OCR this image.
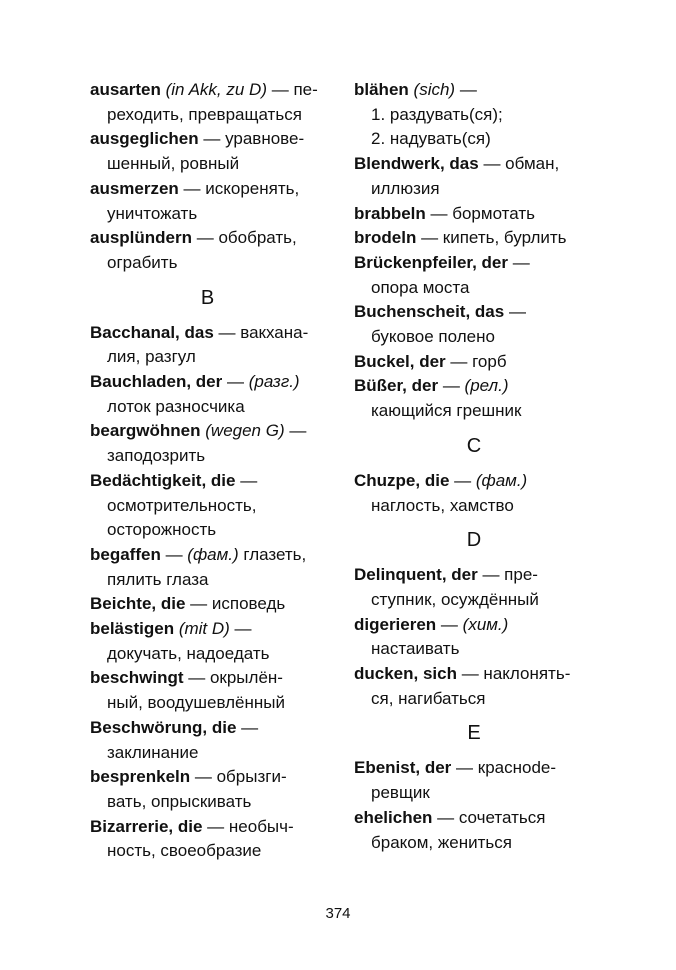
ausarten (in Akk, zu D) — пе-
реходить, превращаться
ausgeglichen — уравнове-
шенный, ровный
ausmerzen — искоренять,
уничтожать
ausplündern — обобрать,
ограбить
B
Bacchanal, das — вакхана-
лия, разгул
Bauchladen, der — (разг.)
лоток разносчика
beargwöhnen (wegen G) —
заподозрить
Bedächtigkeit, die —
осмотрительность,
осторожность
begaffen — (фам.) глазеть,
пялить глаза
Beichte, die — исповедь
belästigen (mit D) —
докучать, надоедать
beschwingt — окрылён-
ный, воодушевлённый
Beschwörung, die —
заклинание
besprenkeln — обрызги-
вать, опрыскивать
Bizarrerie, die — необыч-
ность, своеобразие
blähen (sich) —
1. раздувать(ся);
2. надувать(ся)
Blendwerk, das — обман,
иллюзия
brabbeln — бормотать
brodeln — кипеть, бурлить
Brückenpfeiler, der —
опора моста
Buchenscheit, das —
буковое полено
Buckel, der — горб
Büßer, der — (рел.)
кающийся грешник
C
Chuzpe, die — (фам.)
наглость, хамство
D
Delinquent, der — пре-
ступник, осуждённый
digerieren — (хим.)
настаивать
ducken, sich — наклонять-
ся, нагибаться
E
Ebenist, der — краснode-
ревщик
ehelichen — сочетаться
браком, жениться
374
